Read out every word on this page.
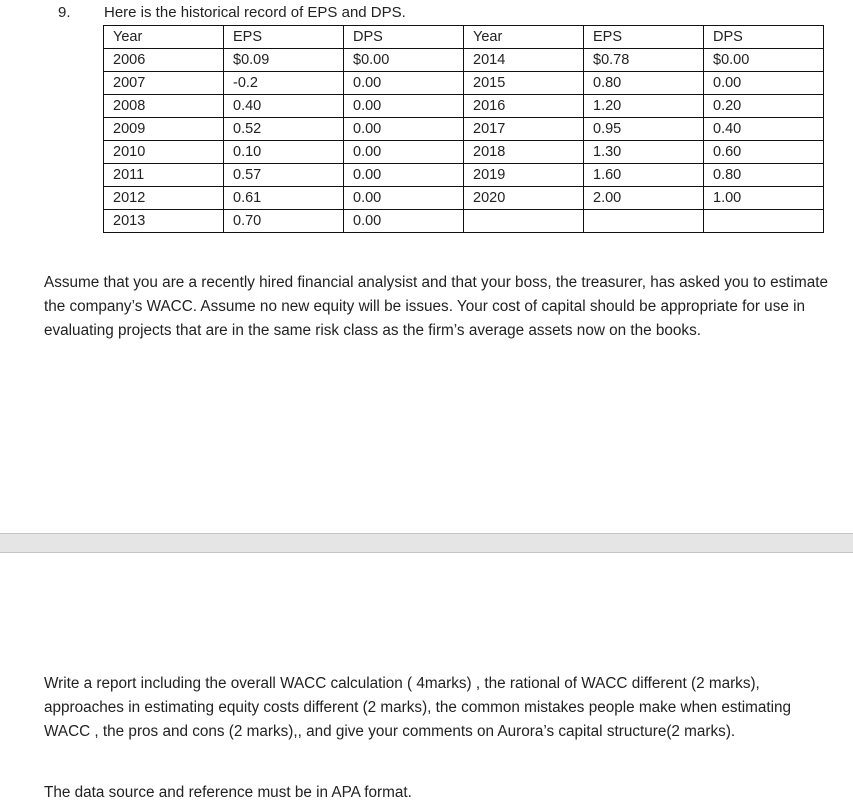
9. Here is the historical record of EPS and DPS.
Year	EPS	DPS	Year	EPS	DPS
2006	$0.09	$0.00	2014	$0.78	$0.00
2007	-0.2	0.00	2015	0.80	0.00
2008	0.40	0.00	2016	1.20	0.20
2009	0.52	0.00	2017	0.95	0.40
2010	0.10	0.00	2018	1.30	0.60
2011	0.57	0.00	2019	1.60	0.80
2012	0.61	0.00	2020	2.00	1.00
2013	0.70	0.00			
Assume that you are a recently hired financial analysist and that your boss, the treasurer, has asked you to estimate the company’s WACC. Assume no new equity will be issues. Your cost of capital should be appropriate for use in evaluating projects that are in the same risk class as the firm’s average assets now on the books.
Write a report including the overall WACC calculation ( 4marks) , the rational of WACC different (2 marks), approaches in estimating equity costs different (2 marks), the common mistakes people make when estimating WACC , the pros and cons (2 marks),, and give your comments on Aurora’s capital structure(2 marks).
The data source and reference must be in APA format.
